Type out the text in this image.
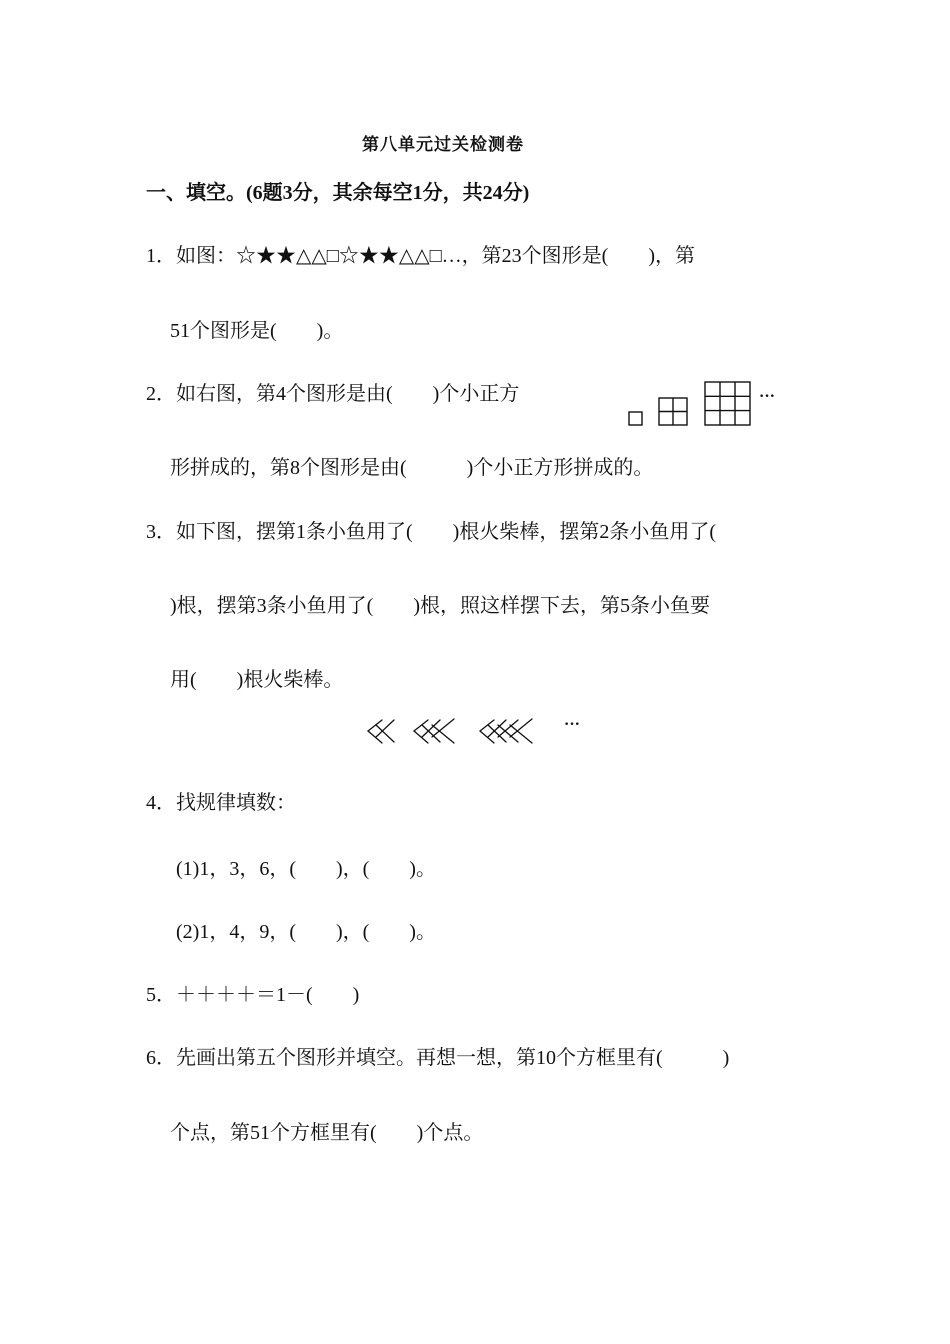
第八单元过关检测卷
一、填空。(6题3分，其余每空1分，共24分)
1．如图：☆★★△△□☆★★△△□…，第23个图形是(　　)，第
51个图形是(　　)。
2．如右图，第4个图形是由(　　)个小正方
形拼成的，第8个图形是由(　　　)个小正方形拼成的。
···
3．如下图，摆第1条小鱼用了(　　)根火柴棒，摆第2条小鱼用了(
)根，摆第3条小鱼用了(　　)根，照这样摆下去，第5条小鱼要
用(　　)根火柴棒。
···
4．找规律填数：
(1)1，3，6，(　　)，(　　)。
(2)1，4，9，(　　)，(　　)。
5．＋＋＋＋＝1－(　　)
6．先画出第五个图形并填空。再想一想，第10个方框里有(　　　)
个点，第51个方框里有(　　)个点。
